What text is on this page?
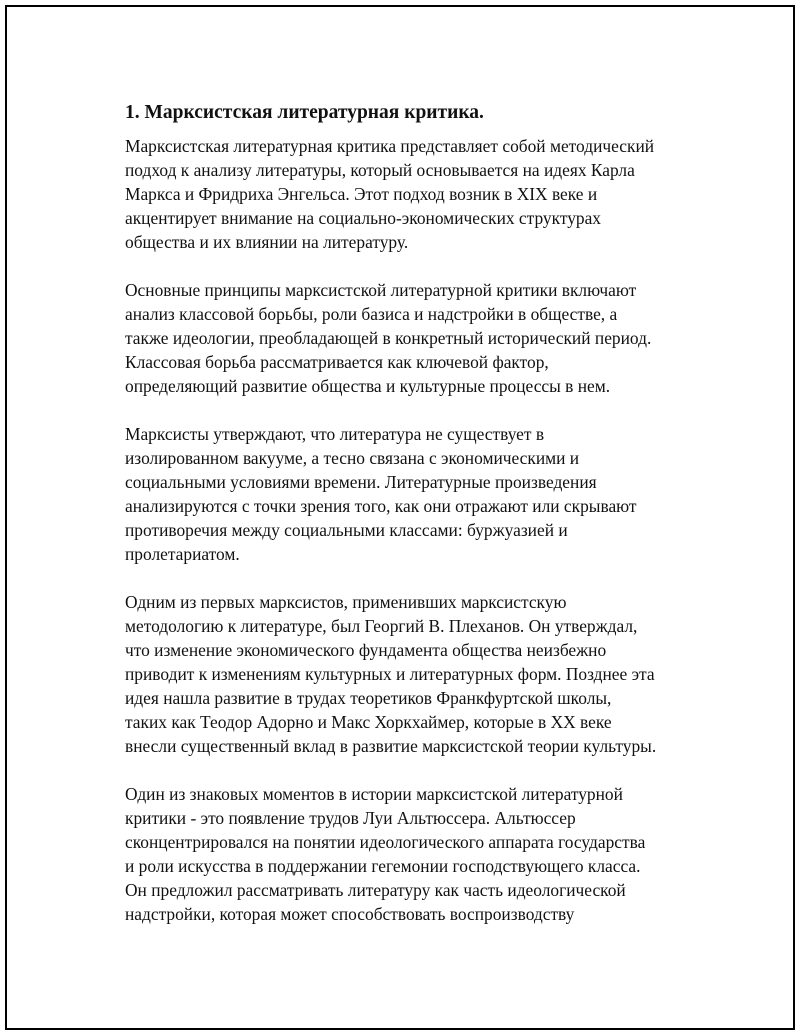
1. Марксистская литературная критика.

Марксистская литературная критика представляет собой методический
подход к анализу литературы, который основывается на идеях Карла
Маркса и Фридриха Энгельса. Этот подход возник в XIX веке и
акцентирует внимание на социально-экономических структурах
общества и их влиянии на литературу.

Основные принципы марксистской литературной критики включают
анализ классовой борьбы, роли базиса и надстройки в обществе, а
также идеологии, преобладающей в конкретный исторический период.
Классовая борьба рассматривается как ключевой фактор,
определяющий развитие общества и культурные процессы в нем.

Марксисты утверждают, что литература не существует в
изолированном вакууме, а тесно связана с экономическими и
социальными условиями времени. Литературные произведения
анализируются с точки зрения того, как они отражают или скрывают
противоречия между социальными классами: буржуазией и
пролетариатом.

Одним из первых марксистов, применивших марксистскую
методологию к литературе, был Георгий В. Плеханов. Он утверждал,
что изменение экономического фундамента общества неизбежно
приводит к изменениям культурных и литературных форм. Позднее эта
идея нашла развитие в трудах теоретиков Франкфуртской школы,
таких как Теодор Адорно и Макс Хоркхаймер, которые в XX веке
внесли существенный вклад в развитие марксистской теории культуры.

Один из знаковых моментов в истории марксистской литературной
критики - это появление трудов Луи Альтюссера. Альтюссер
сконцентрировался на понятии идеологического аппарата государства
и роли искусства в поддержании гегемонии господствующего класса.
Он предложил рассматривать литературу как часть идеологической
надстройки, которая может способствовать воспроизводству
